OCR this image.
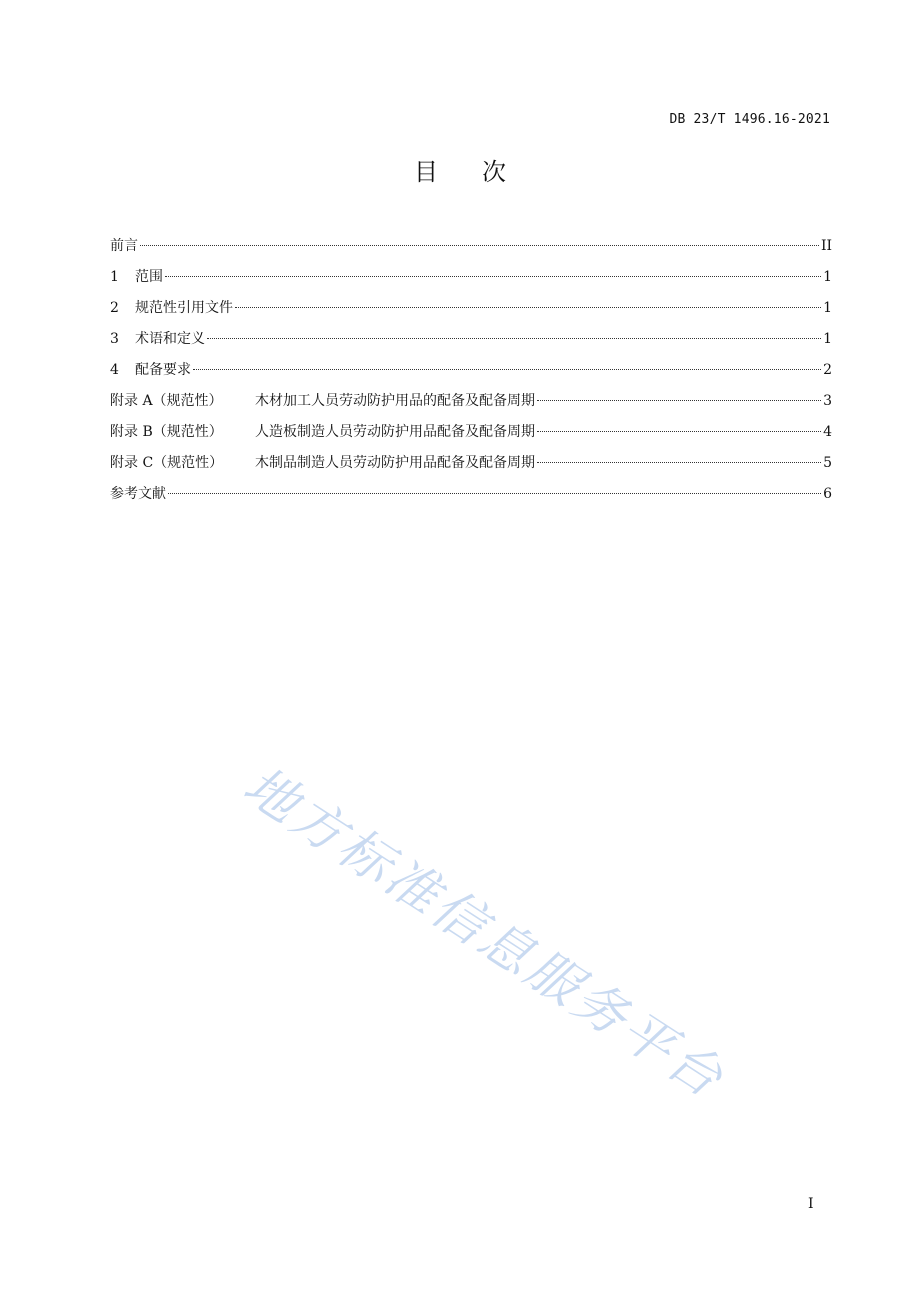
DB 23/T 1496.16-2021
目次
前言	II
1	范围	1
2	规范性引用文件	1
3	术语和定义	1
4	配备要求	2
附录 A（规范性）	木材加工人员劳动防护用品的配备及配备周期	3
附录 B（规范性）	人造板制造人员劳动防护用品配备及配备周期	4
附录 C（规范性）	木制品制造人员劳动防护用品配备及配备周期	5
参考文献	6
地方标准信息服务平台
I
